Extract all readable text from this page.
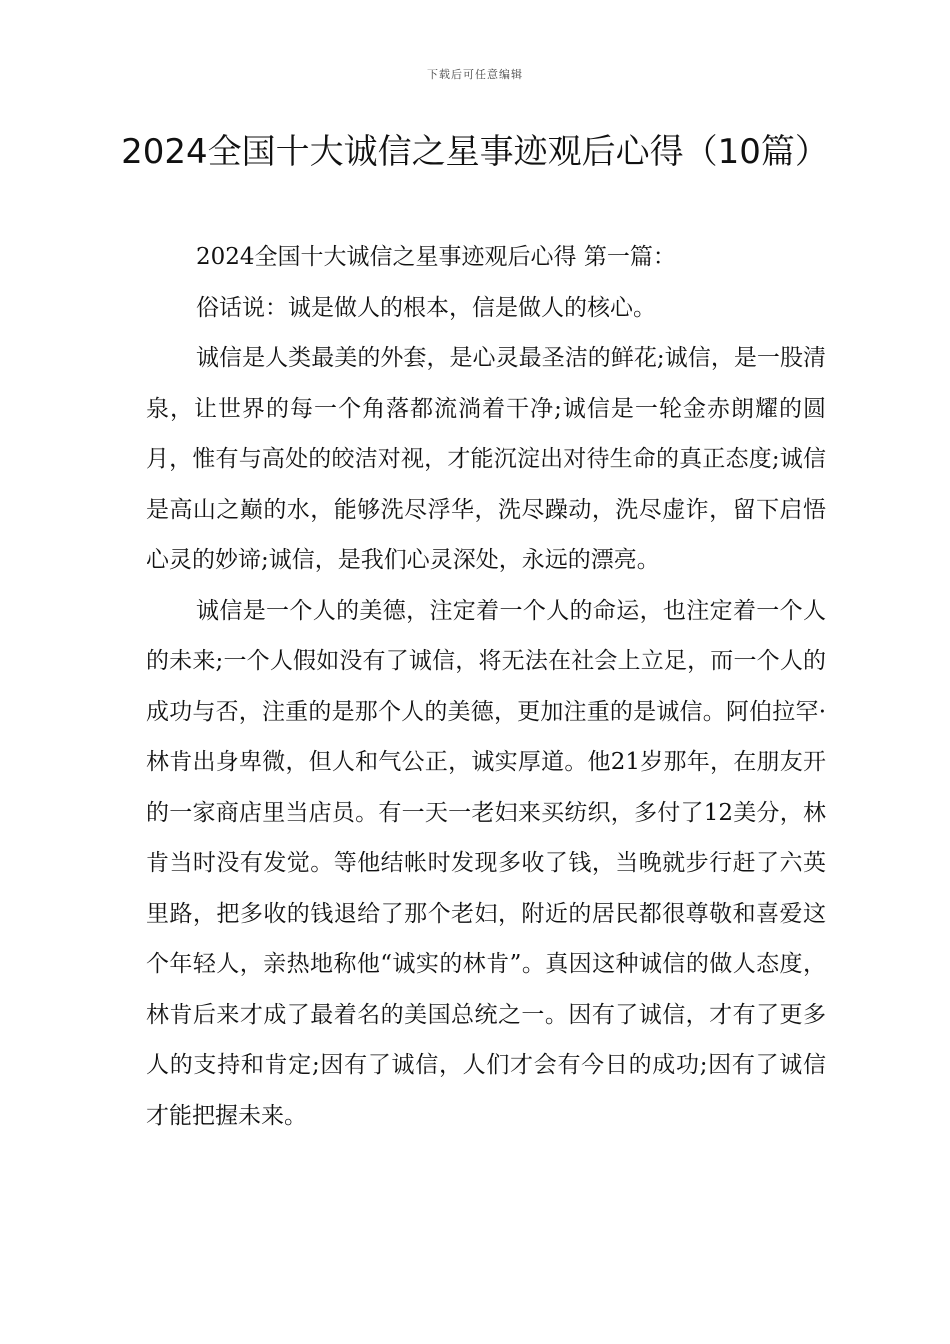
下载后可任意编辑
2024全国十大诚信之星事迹观后心得（10篇）

2024全国十大诚信之星事迹观后心得 第一篇：

俗话说：诚是做人的根本，信是做人的核心。

诚信是人类最美的外套，是心灵最圣洁的鲜花;诚信，是一股清泉，让世界的每一个角落都流淌着干净;诚信是一轮金赤朗耀的圆月，惟有与高处的皎洁对视，才能沉淀出对待生命的真正态度;诚信是高山之巅的水，能够洗尽浮华，洗尽躁动，洗尽虚诈，留下启悟心灵的妙谛;诚信，是我们心灵深处，永远的漂亮。

诚信是一个人的美德，注定着一个人的命运，也注定着一个人的未来;一个人假如没有了诚信，将无法在社会上立足，而一个人的成功与否，注重的是那个人的美德，更加注重的是诚信。阿伯拉罕·林肯出身卑微，但人和气公正，诚实厚道。他21岁那年，在朋友开的一家商店里当店员。有一天一老妇来买纺织，多付了12美分，林肯当时没有发觉。等他结帐时发现多收了钱，当晚就步行赶了六英里路，把多收的钱退给了那个老妇，附近的居民都很尊敬和喜爱这个年轻人，亲热地称他“诚实的林肯”。真因这种诚信的做人态度，林肯后来才成了最着名的美国总统之一。因有了诚信，才有了更多人的支持和肯定;因有了诚信，人们才会有今日的成功;因有了诚信才能把握未来。
